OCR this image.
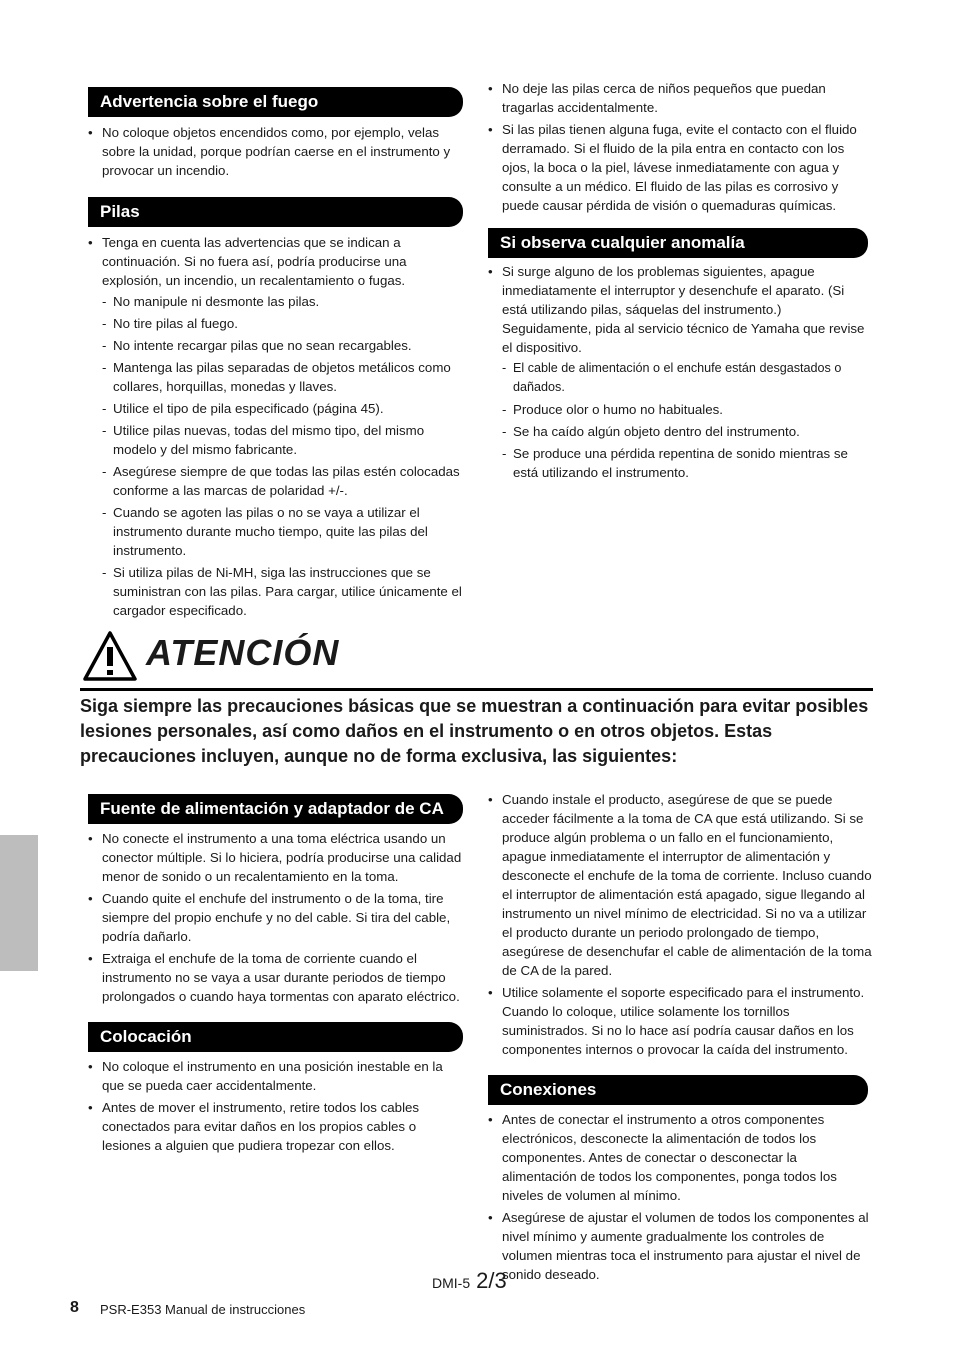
Advertencia sobre el fuego
• No coloque objetos encendidos como, por ejemplo, velas sobre la unidad, porque podrían caerse en el instrumento y provocar un incendio.
Pilas
• Tenga en cuenta las advertencias que se indican a continuación. Si no fuera así, podría producirse una explosión, un incendio, un recalentamiento o fugas.
- No manipule ni desmonte las pilas.
- No tire pilas al fuego.
- No intente recargar pilas que no sean recargables.
- Mantenga las pilas separadas de objetos metálicos como collares, horquillas, monedas y llaves.
- Utilice el tipo de pila especificado (página 45).
- Utilice pilas nuevas, todas del mismo tipo, del mismo modelo y del mismo fabricante.
- Asegúrese siempre de que todas las pilas estén colocadas conforme a las marcas de polaridad +/-.
- Cuando se agoten las pilas o no se vaya a utilizar el instrumento durante mucho tiempo, quite las pilas del instrumento.
- Si utiliza pilas de Ni-MH, siga las instrucciones que se suministran con las pilas. Para cargar, utilice únicamente el cargador especificado.
• No deje las pilas cerca de niños pequeños que puedan tragarlas accidentalmente.
• Si las pilas tienen alguna fuga, evite el contacto con el fluido derramado. Si el fluido de la pila entra en contacto con los ojos, la boca o la piel, lávese inmediatamente con agua y consulte a un médico. El fluido de las pilas es corrosivo y puede causar pérdida de visión o quemaduras químicas.
Si observa cualquier anomalía
• Si surge alguno de los problemas siguientes, apague inmediatamente el interruptor y desenchufe el aparato. (Si está utilizando pilas, sáquelas del instrumento.) Seguidamente, pida al servicio técnico de Yamaha que revise el dispositivo.
- El cable de alimentación o el enchufe están desgastados o dañados.
- Produce olor o humo no habituales.
- Se ha caído algún objeto dentro del instrumento.
- Se produce una pérdida repentina de sonido mientras se está utilizando el instrumento.
ATENCIÓN
Siga siempre las precauciones básicas que se muestran a continuación para evitar posibles lesiones personales, así como daños en el instrumento o en otros objetos. Estas precauciones incluyen, aunque no de forma exclusiva, las siguientes:
Fuente de alimentación y adaptador de CA
• No conecte el instrumento a una toma eléctrica usando un conector múltiple. Si lo hiciera, podría producirse una calidad menor de sonido o un recalentamiento en la toma.
• Cuando quite el enchufe del instrumento o de la toma, tire siempre del propio enchufe y no del cable. Si tira del cable, podría dañarlo.
• Extraiga el enchufe de la toma de corriente cuando el instrumento no se vaya a usar durante periodos de tiempo prolongados o cuando haya tormentas con aparato eléctrico.
Colocación
• No coloque el instrumento en una posición inestable en la que se pueda caer accidentalmente.
• Antes de mover el instrumento, retire todos los cables conectados para evitar daños en los propios cables o lesiones a alguien que pudiera tropezar con ellos.
• Cuando instale el producto, asegúrese de que se puede acceder fácilmente a la toma de CA que está utilizando. Si se produce algún problema o un fallo en el funcionamiento, apague inmediatamente el interruptor de alimentación y desconecte el enchufe de la toma de corriente. Incluso cuando el interruptor de alimentación está apagado, sigue llegando al instrumento un nivel mínimo de electricidad. Si no va a utilizar el producto durante un periodo prolongado de tiempo, asegúrese de desenchufar el cable de alimentación de la toma de CA de la pared.
• Utilice solamente el soporte especificado para el instrumento. Cuando lo coloque, utilice solamente los tornillos suministrados. Si no lo hace así podría causar daños en los componentes internos o provocar la caída del instrumento.
Conexiones
• Antes de conectar el instrumento a otros componentes electrónicos, desconecte la alimentación de todos los componentes. Antes de conectar o desconectar la alimentación de todos los componentes, ponga todos los niveles de volumen al mínimo.
• Asegúrese de ajustar el volumen de todos los componentes al nivel mínimo y aumente gradualmente los controles de volumen mientras toca el instrumento para ajustar el nivel de sonido deseado.
DMI-5 2/3
8 PSR-E353 Manual de instrucciones
